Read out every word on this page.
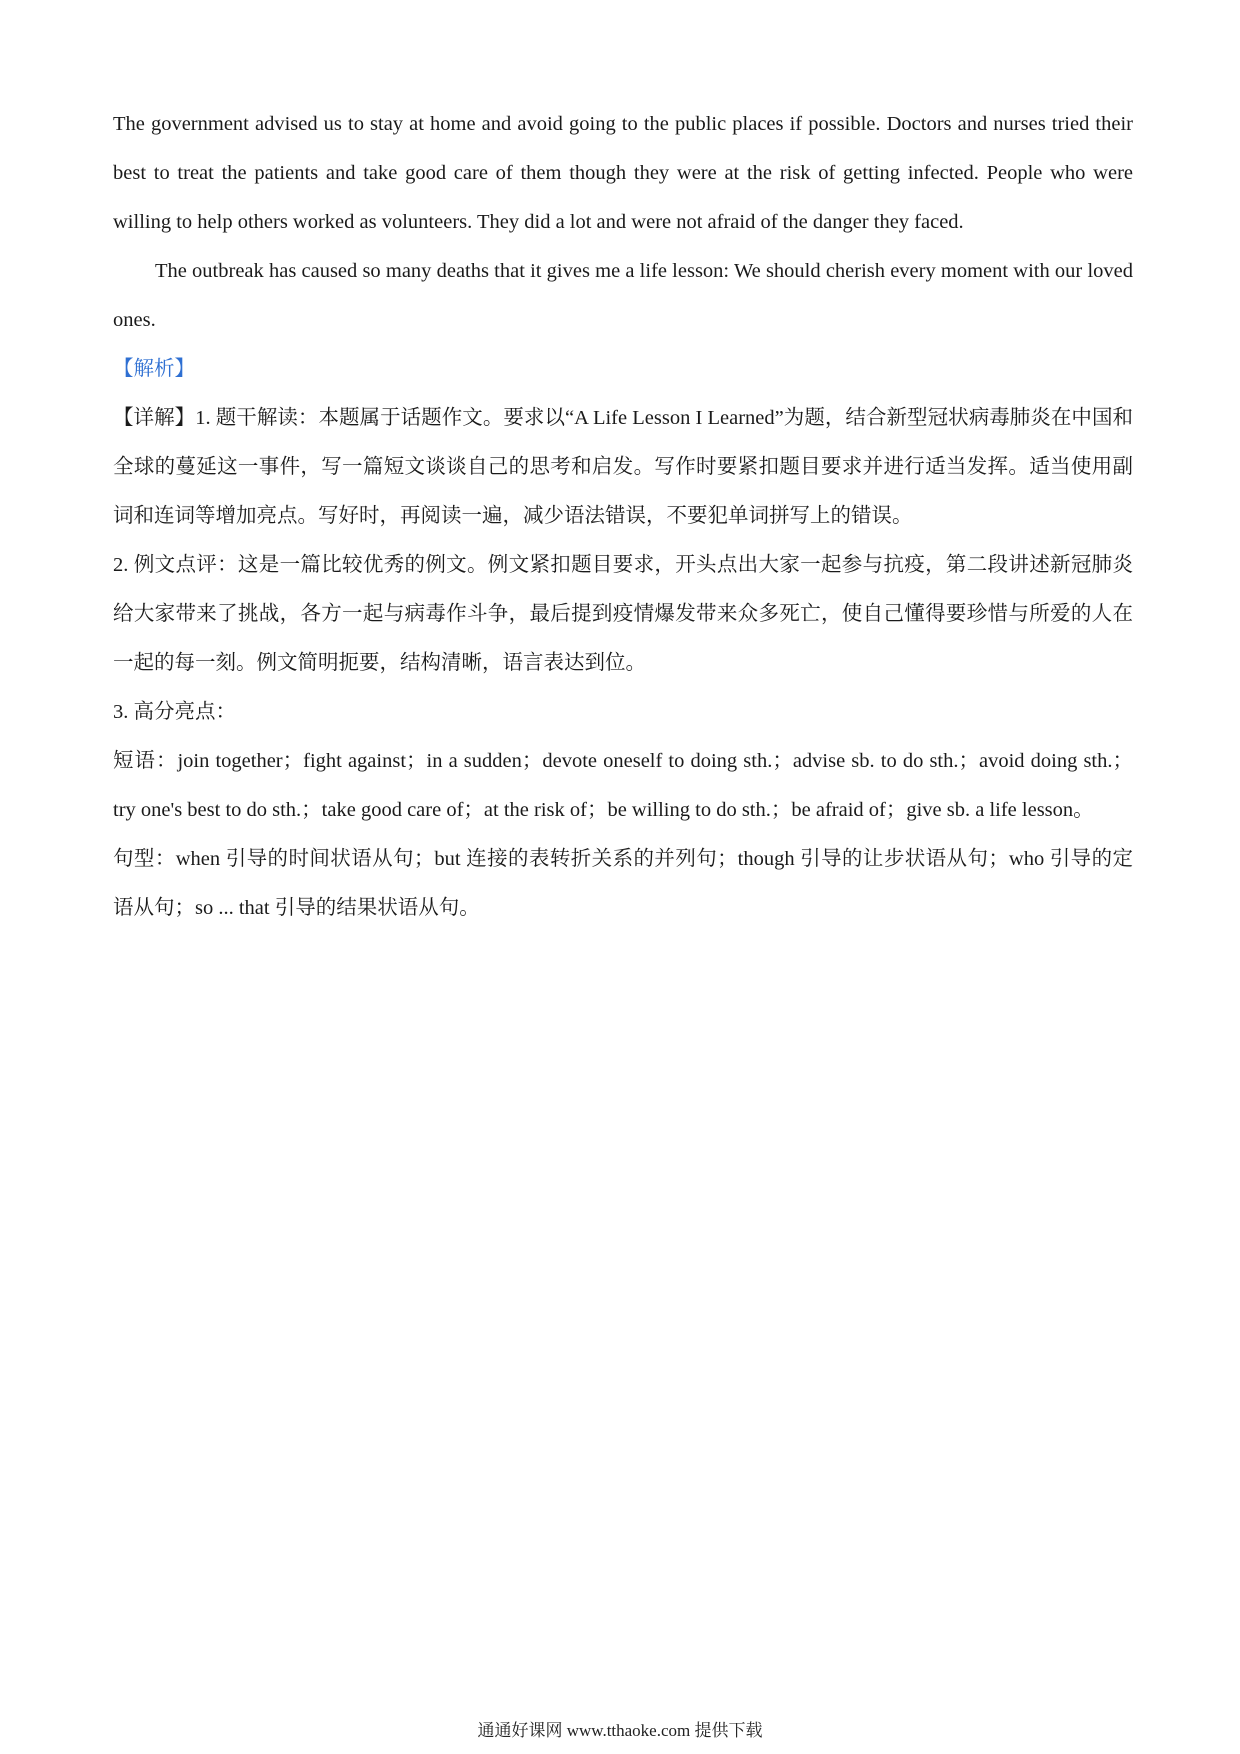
The government advised us to stay at home and avoid going to the public places if possible. Doctors and nurses tried their best to treat the patients and take good care of them though they were at the risk of getting infected. People who were willing to help others worked as volunteers. They did a lot and were not afraid of the danger they faced.

The outbreak has caused so many deaths that it gives me a life lesson: We should cherish every moment with our loved ones.

【解析】

【详解】1. 题干解读：本题属于话题作文。要求以“A Life Lesson I Learned”为题，结合新型冠状病毒肺炎在中国和全球的蔓延这一事件，写一篇短文谈谈自己的思考和启发。写作时要紧扣题目要求并进行适当发挥。适当使用副词和连词等增加亮点。写好时，再阅读一遍，减少语法错误，不要犯单词拼写上的错误。

2. 例文点评：这是一篇比较优秀的例文。例文紧扣题目要求，开头点出大家一起参与抗疫，第二段讲述新冠肺炎给大家带来了挑战，各方一起与病毒作斗争，最后提到疫情爆发带来众多死亡，使自己懂得要珍惜与所爱的人在一起的每一刻。例文简明扼要，结构清晰，语言表达到位。

3. 高分亮点：

短语：join together；fight against；in a sudden；devote oneself to doing sth.；advise sb. to do sth.；avoid doing sth.；try one's best to do sth.；take good care of；at the risk of；be willing to do sth.；be afraid of；give sb. a life lesson。

句型：when 引导的时间状语从句；but 连接的表转折关系的并列句；though 引导的让步状语从句；who 引导的定语从句；so ... that 引导的结果状语从句。

通通好课网 www.tthaoke.com 提供下载
